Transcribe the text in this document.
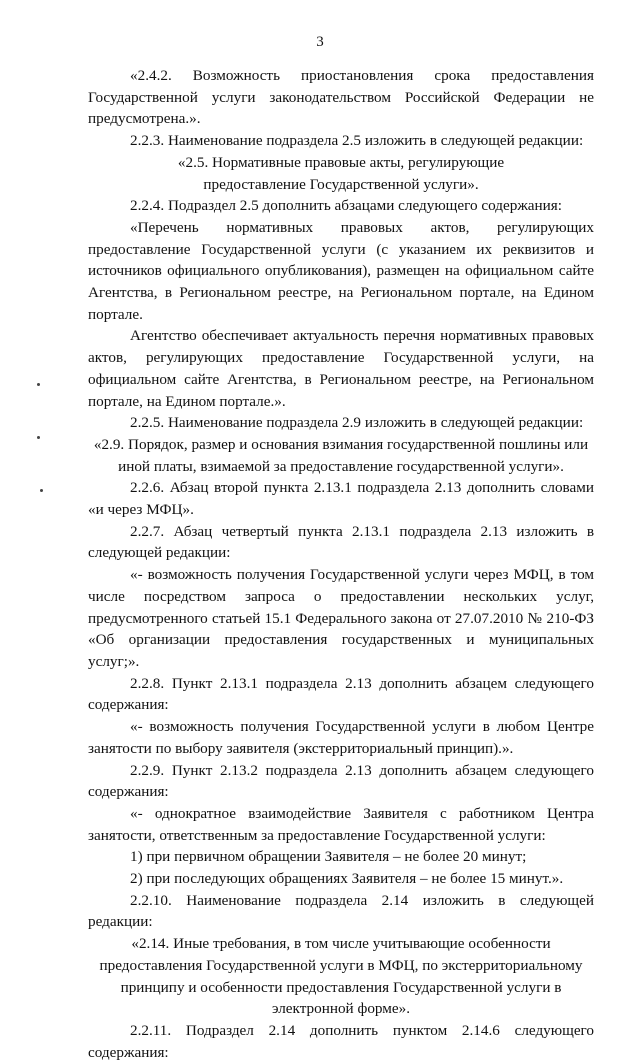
3

«2.4.2. Возможность приостановления срока предоставления Государственной услуги законодательством Российской Федерации не предусмотрена.».

2.2.3. Наименование подраздела 2.5 изложить в следующей редакции:

«2.5. Нормативные правовые акты, регулирующие предоставление Государственной услуги».

2.2.4. Подраздел 2.5 дополнить абзацами следующего содержания:

«Перечень нормативных правовых актов, регулирующих предоставление Государственной услуги (с указанием их реквизитов и источников официального опубликования), размещен на официальном сайте Агентства, в Региональном реестре, на Региональном портале, на Едином портале.

Агентство обеспечивает актуальность перечня нормативных правовых актов, регулирующих предоставление Государственной услуги, на официальном сайте Агентства, в Региональном реестре, на Региональном портале, на Едином портале.».

2.2.5. Наименование подраздела 2.9 изложить в следующей редакции:

«2.9. Порядок, размер и основания взимания государственной пошлины или иной платы, взимаемой за предоставление государственной услуги».

2.2.6. Абзац второй пункта 2.13.1 подраздела 2.13 дополнить словами «и через МФЦ».

2.2.7. Абзац четвертый пункта 2.13.1 подраздела 2.13 изложить в следующей редакции:

«- возможность получения Государственной услуги через МФЦ, в том числе посредством запроса о предоставлении нескольких услуг, предусмотренного статьей 15.1 Федерального закона от 27.07.2010 № 210-ФЗ «Об организации предоставления государственных и муниципальных услуг;».

2.2.8. Пункт 2.13.1 подраздела 2.13 дополнить абзацем следующего содержания:

«- возможность получения Государственной услуги в любом Центре занятости по выбору заявителя (экстерриториальный принцип).».

2.2.9. Пункт 2.13.2 подраздела 2.13 дополнить абзацем следующего содержания:

«- однократное взаимодействие Заявителя с работником Центра занятости, ответственным за предоставление Государственной услуги:

1) при первичном обращении Заявителя – не более 20 минут;

2) при последующих обращениях Заявителя – не более 15 минут.».

2.2.10. Наименование подраздела 2.14 изложить в следующей редакции:

«2.14. Иные требования, в том числе учитывающие особенности предоставления Государственной услуги в МФЦ, по экстерриториальному принципу и особенности предоставления Государственной услуги в электронной форме».

2.2.11. Подраздел 2.14 дополнить пунктом 2.14.6 следующего содержания:
